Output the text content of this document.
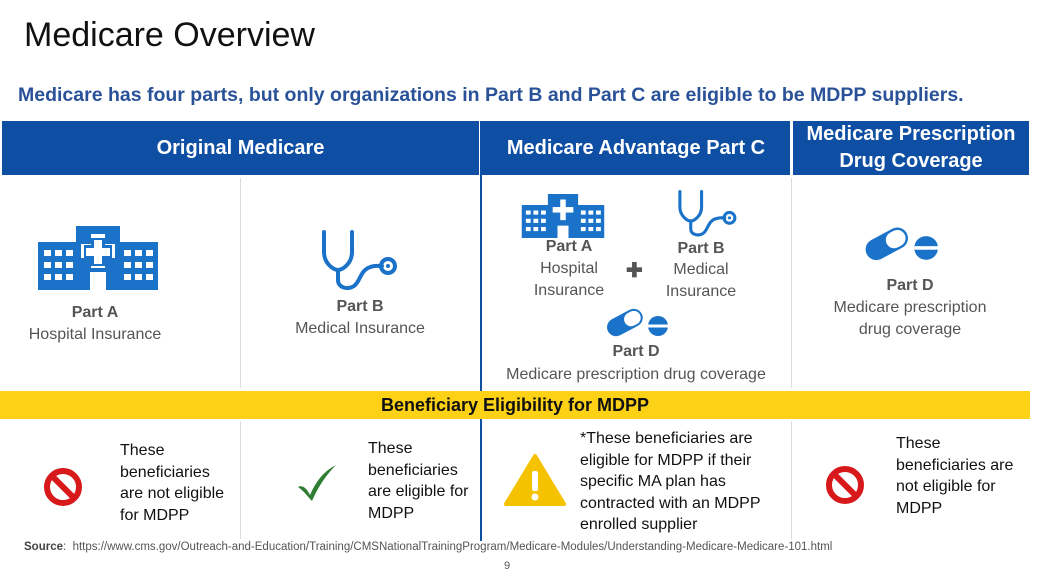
Medicare Overview
Medicare has four parts, but only organizations in Part B and Part C are eligible to be MDPP suppliers.
Original Medicare	Medicare Advantage Part C
Medicare Prescription
Drug Coverage
Part A
Hospital Insurance
Part B
Medical Insurance
Part A
Hospital
Insurance
✚
Part B
Medical
Insurance
Part D
Medicare prescription drug coverage
Part D
Medicare prescription
drug coverage
Beneficiary Eligibility for MDPP
These
beneficiaries
are not eligible
for MDPP
These
beneficiaries
are eligible for
MDPP
*These beneficiaries are
eligible for MDPP if their
specific MA plan has
contracted with an MDPP
enrolled supplier
These
beneficiaries are
not eligible for
MDPP
Source:  https://www.cms.gov/Outreach-and-Education/Training/CMSNationalTrainingProgram/Medicare-Modules/Understanding-Medicare-Medicare-101.html
9
